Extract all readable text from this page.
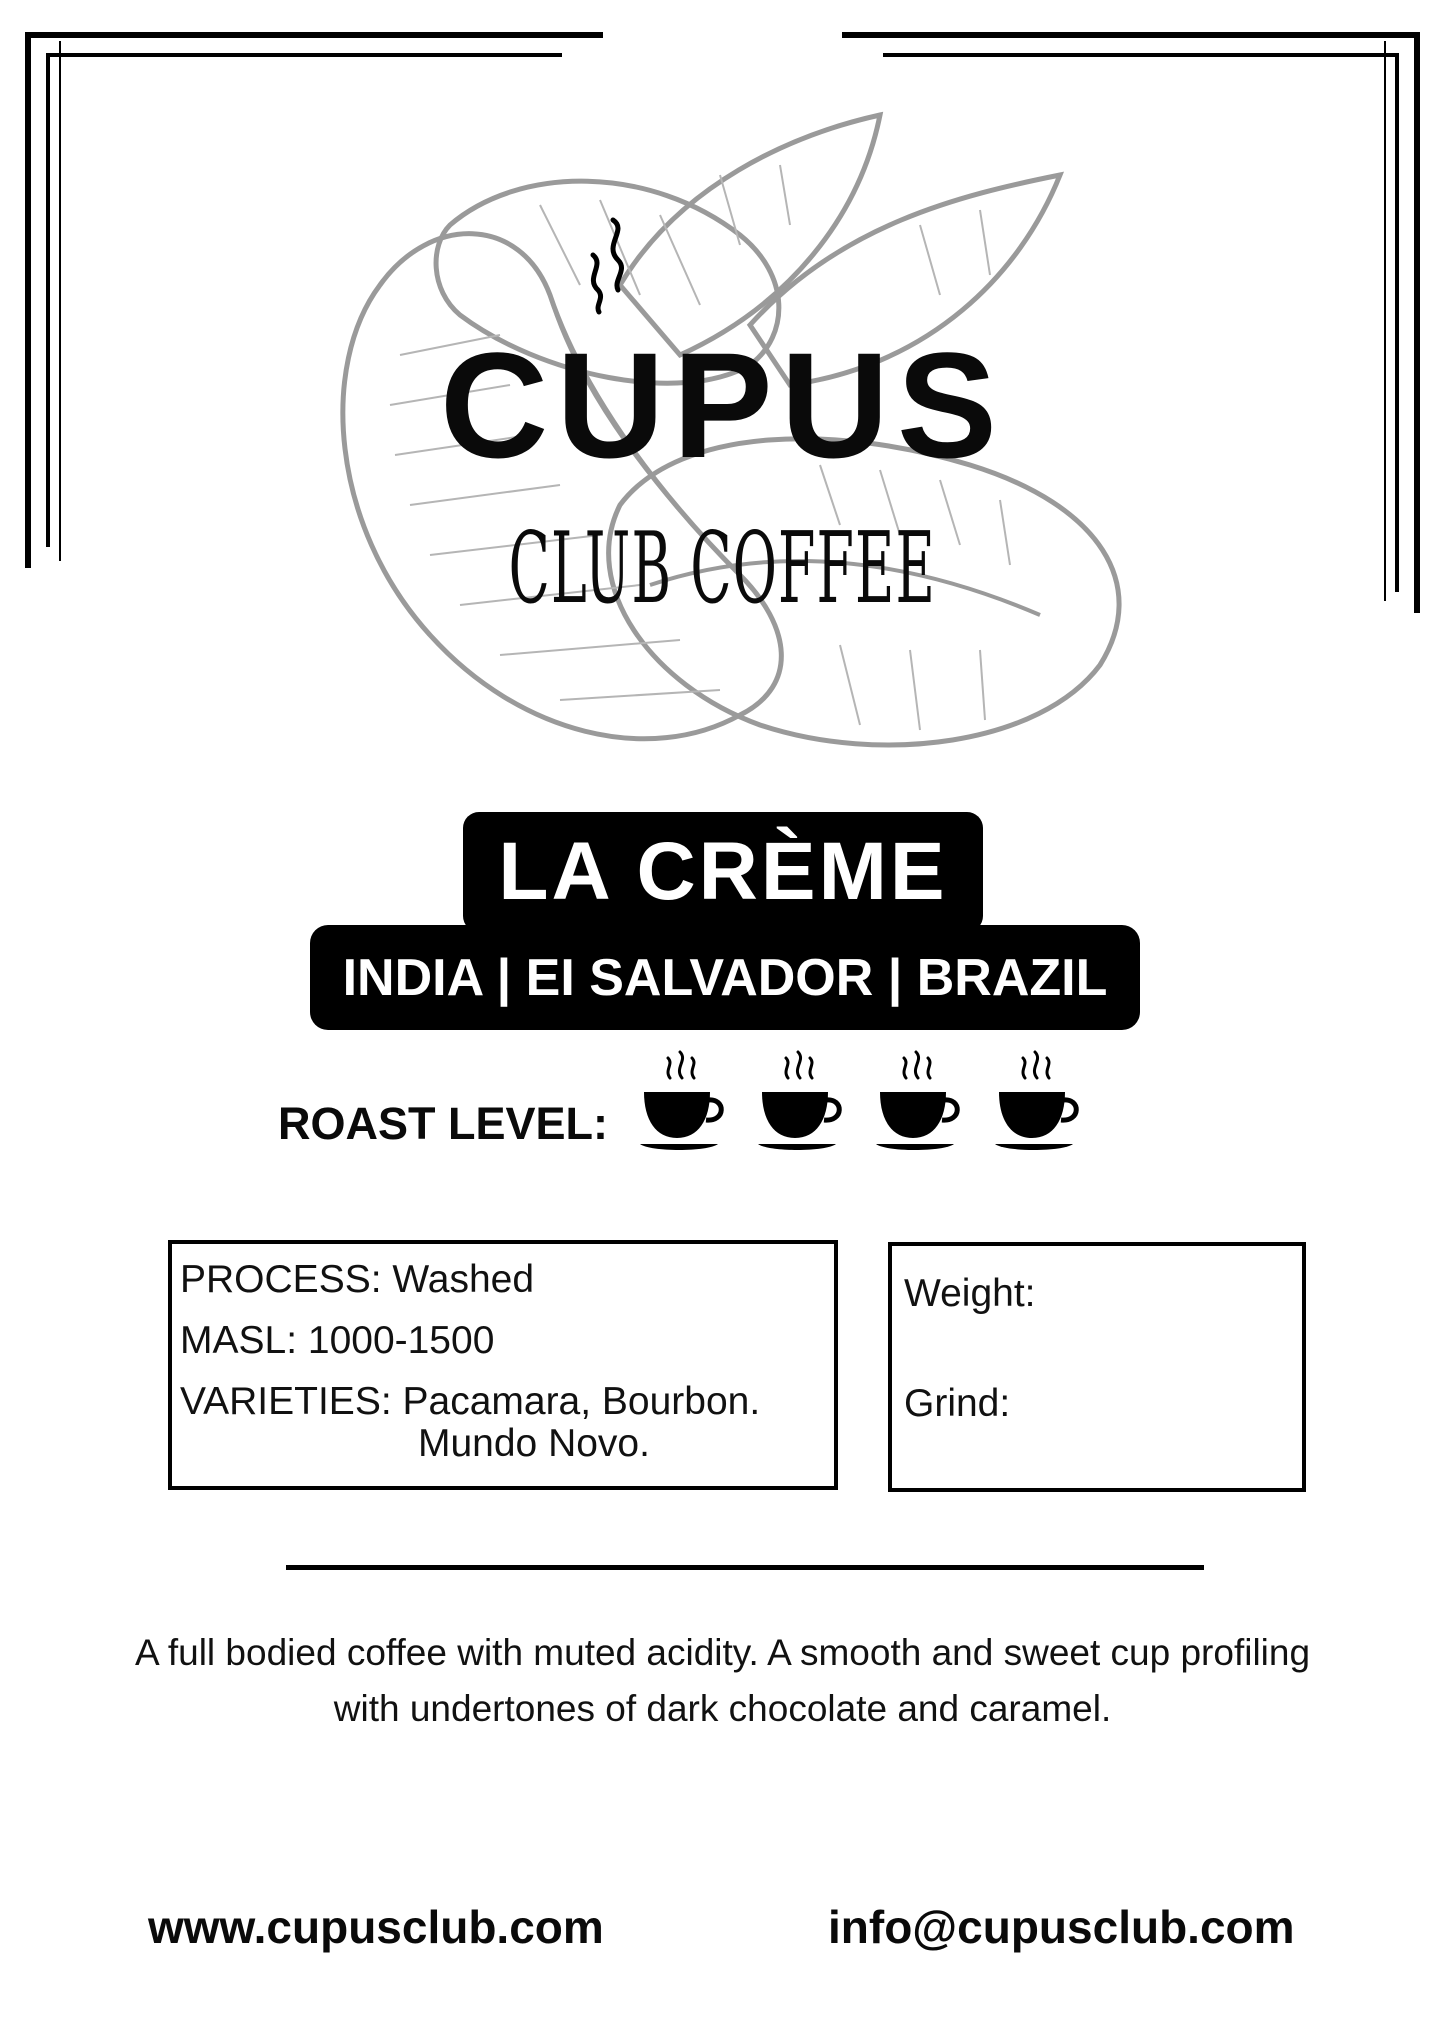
CUPUS
CLUB COFFEE
LA CRÈME
INDIA | EI SALVADOR | BRAZIL
ROAST LEVEL:
PROCESS: Washed
MASL: 1000-1500
VARIETIES: Pacamara, Bourbon.
Mundo Novo.
Weight:
Grind:
A full bodied coffee with muted acidity. A smooth and sweet cup profiling with undertones of dark chocolate and caramel.
www.cupusclub.com	info@cupusclub.com
